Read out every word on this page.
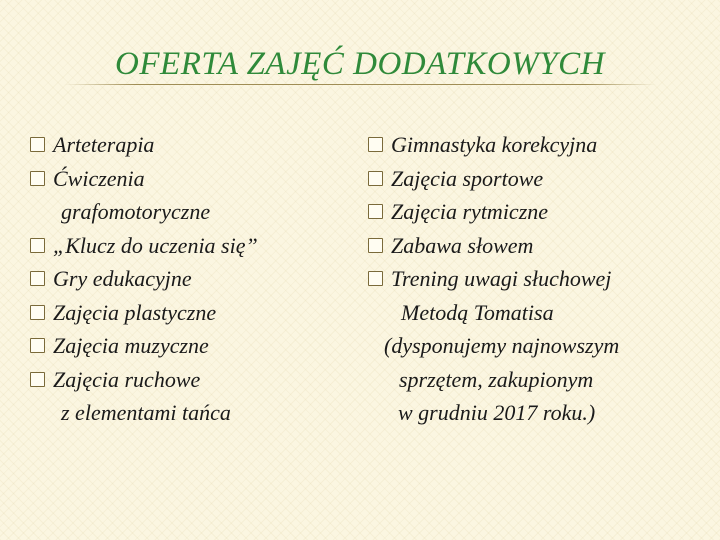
OFERTA ZAJĘĆ DODATKOWYCH
Arteterapia
Ćwiczenia
grafomotoryczne
„Klucz do uczenia się”
Gry edukacyjne
Zajęcia plastyczne
Zajęcia muzyczne
Zajęcia ruchowe
z elementami tańca
Gimnastyka korekcyjna
Zajęcia sportowe
Zajęcia rytmiczne
Zabawa słowem
Trening uwagi słuchowej
Metodą Tomatisa
(dysponujemy najnowszym
sprzętem, zakupionym
w grudniu 2017 roku.)
